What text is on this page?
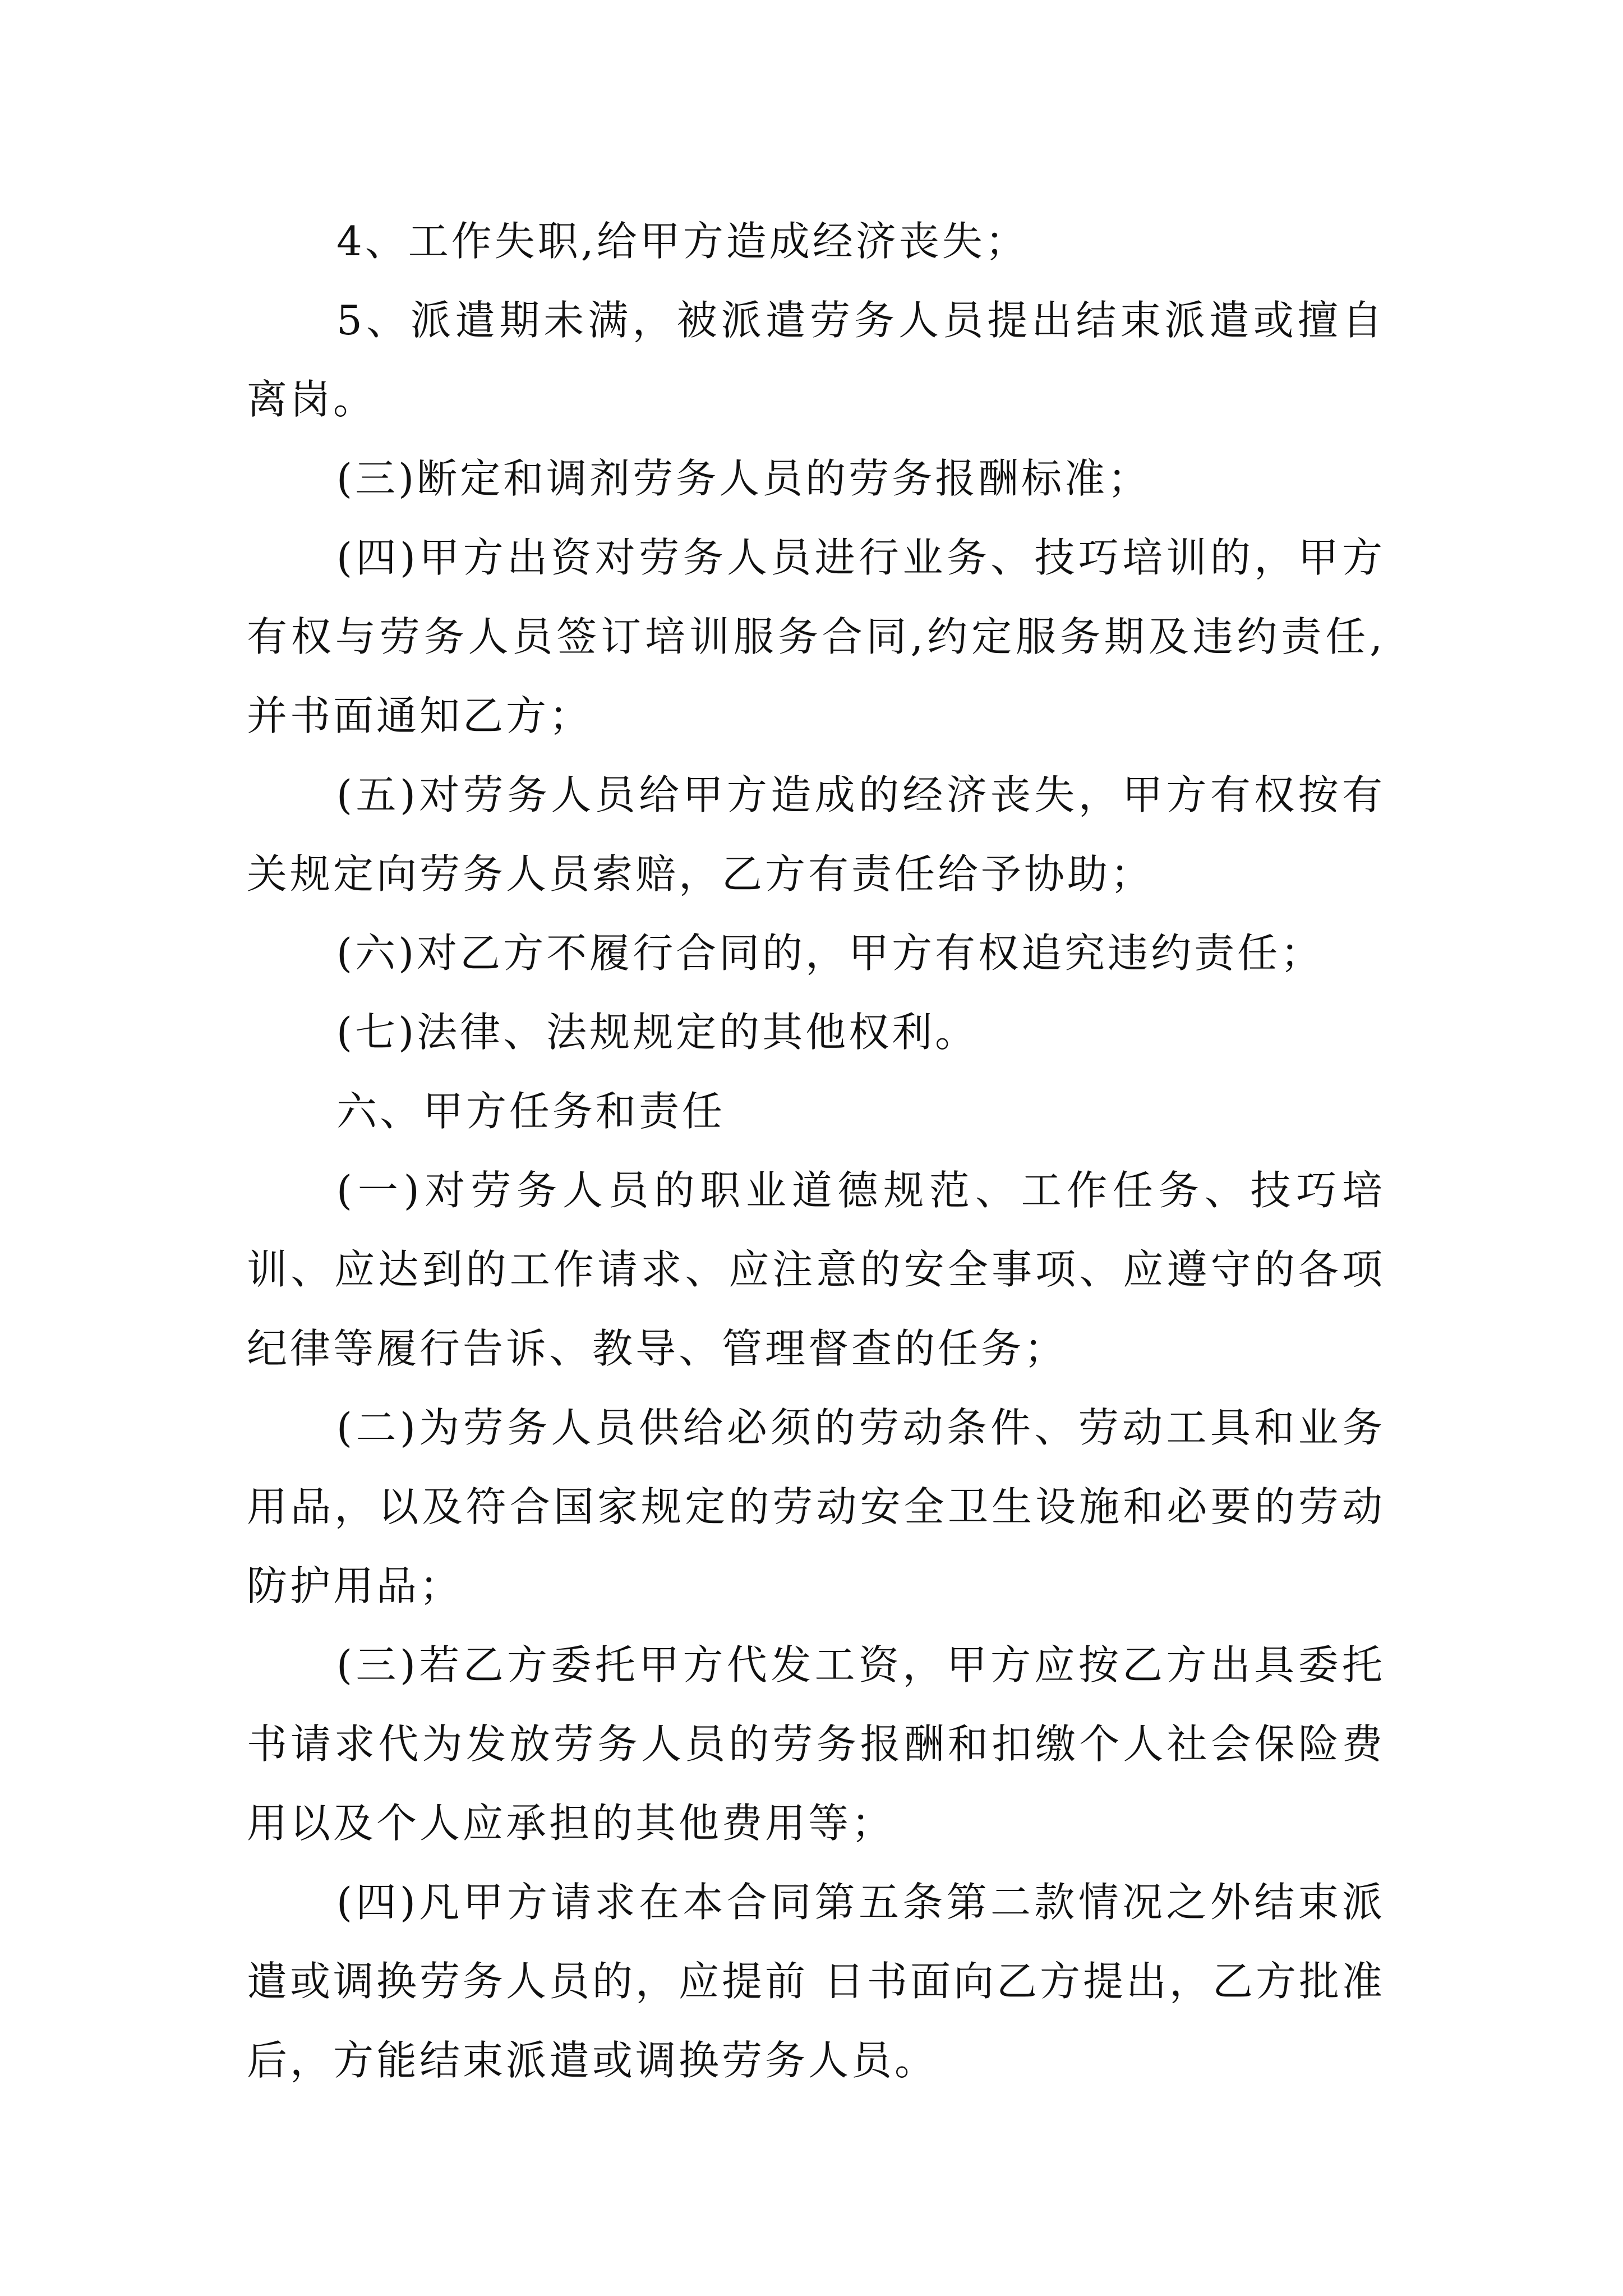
4、工作失职,给甲方造成经济丧失；

5、派遣期未满，被派遣劳务人员提出结束派遣或擅自离岗。

(三)断定和调剂劳务人员的劳务报酬标准；

(四)甲方出资对劳务人员进行业务、技巧培训的，甲方有权与劳务人员签订培训服务合同,约定服务期及违约责任,并书面通知乙方；

(五)对劳务人员给甲方造成的经济丧失，甲方有权按有关规定向劳务人员索赔，乙方有责任给予协助；

(六)对乙方不履行合同的，甲方有权追究违约责任；

(七)法律、法规规定的其他权利。

六、甲方任务和责任

(一)对劳务人员的职业道德规范、工作任务、技巧培训、应达到的工作请求、应注意的安全事项、应遵守的各项纪律等履行告诉、教导、管理督查的任务；

(二)为劳务人员供给必须的劳动条件、劳动工具和业务用品，以及符合国家规定的劳动安全卫生设施和必要的劳动防护用品；

(三)若乙方委托甲方代发工资，甲方应按乙方出具委托书请求代为发放劳务人员的劳务报酬和扣缴个人社会保险费用以及个人应承担的其他费用等；

(四)凡甲方请求在本合同第五条第二款情况之外结束派遣或调换劳务人员的，应提前 日书面向乙方提出，乙方批准后，方能结束派遣或调换劳务人员。
